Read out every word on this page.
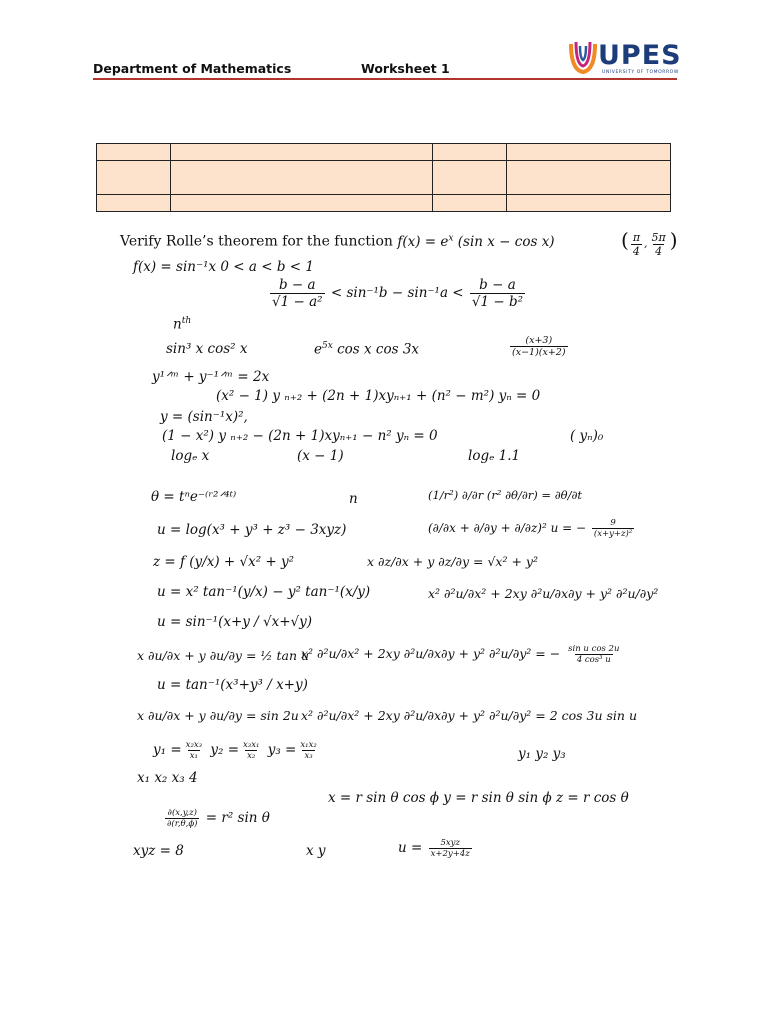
Department of Mathematics	Worksheet 1	UPES
UNIVERSITY OF TOMORROW

Verify Rolle’s theorem for the function $f(x) = e^x$ (sin x − cos x)	( $\frac{\pi}{4}$ , $\frac{5\pi}{4}$ )
f(x) = sin⁻¹x 0 < a < b < 1
$\frac{b - a}{\text{√1 − a²}} < \sin^{-1}b - \sin^{-1}a < \frac{b - a}{\text{√1 − b²}}$
$n^{th}$
sin³ x cos² x	$e^{5x}$ cos x cos 3x	$\frac{(x+3)}{(x-1)(x+2)}$
y¹ᐟᵐ + y⁻¹ᐟᵐ = 2x
(x² − 1) y ₙ₊₂ + (2n + 1)xyₙ₊₁ + (n² − m²) yₙ = 0
y = (sin⁻¹x)²,
(1 − x²) y ₙ₊₂ − (2n + 1)xyₙ₊₁ − n² yₙ = 0	( yₙ)₀
logₑ x	(x − 1)	logₑ 1.1
θ = tⁿe⁻⁽ʳ²ᐟ⁴ᵗ⁾	n	(1/r²) ∂/∂r (r² ∂θ/∂r) = ∂θ/∂t
u = log(x³ + y³ + z³ − 3xyz)	(∂/∂x + ∂/∂y + ∂/∂z)² u = − $\frac{9}{\text{(x+y+z)²}}$
z = f (y/x) + √x² + y²	x ∂z/∂x + y ∂z/∂y = √x² + y²
u = x² tan⁻¹(y/x) − y² tan⁻¹(x/y)	x² ∂²u/∂x² + 2xy ∂²u/∂x∂y + y² ∂²u/∂y²
u = sin⁻¹(x+y / √x+√y)
x ∂u/∂x + y ∂u/∂y = ½ tan u
x² ∂²u/∂x² + 2xy ∂²u/∂x∂y + y² ∂²u/∂y² = − $\frac{\text{sin u cos 2u}}{\text{4 cos³ u}}$
u = tan⁻¹(x³+y³ / x+y)
x ∂u/∂x + y ∂u/∂y = sin 2u x² ∂²u/∂x² + 2xy ∂²u/∂x∂y + y² ∂²u/∂y² = 2 cos 3u sin u
$y_1 = \frac{\text{x₂x₃}}{\text{x₁}} y_2 = \frac{\text{x₃x₁}}{\text{x₂}} y_3 = \frac{\text{x₁x₂}}{\text{x₃}}$	y₁ y₂ y₃
x₁ x₂ x₃ 4
x = r sin θ cos ϕ y = r sin θ sin ϕ z = r cos θ
$\frac{\partial(x,y,z)}{\partial(r,\theta,\phi)} = r^2$ sin θ
xyz = 8	x y	$u = \frac{\text{5xyz}}{x+2y+4z}$
